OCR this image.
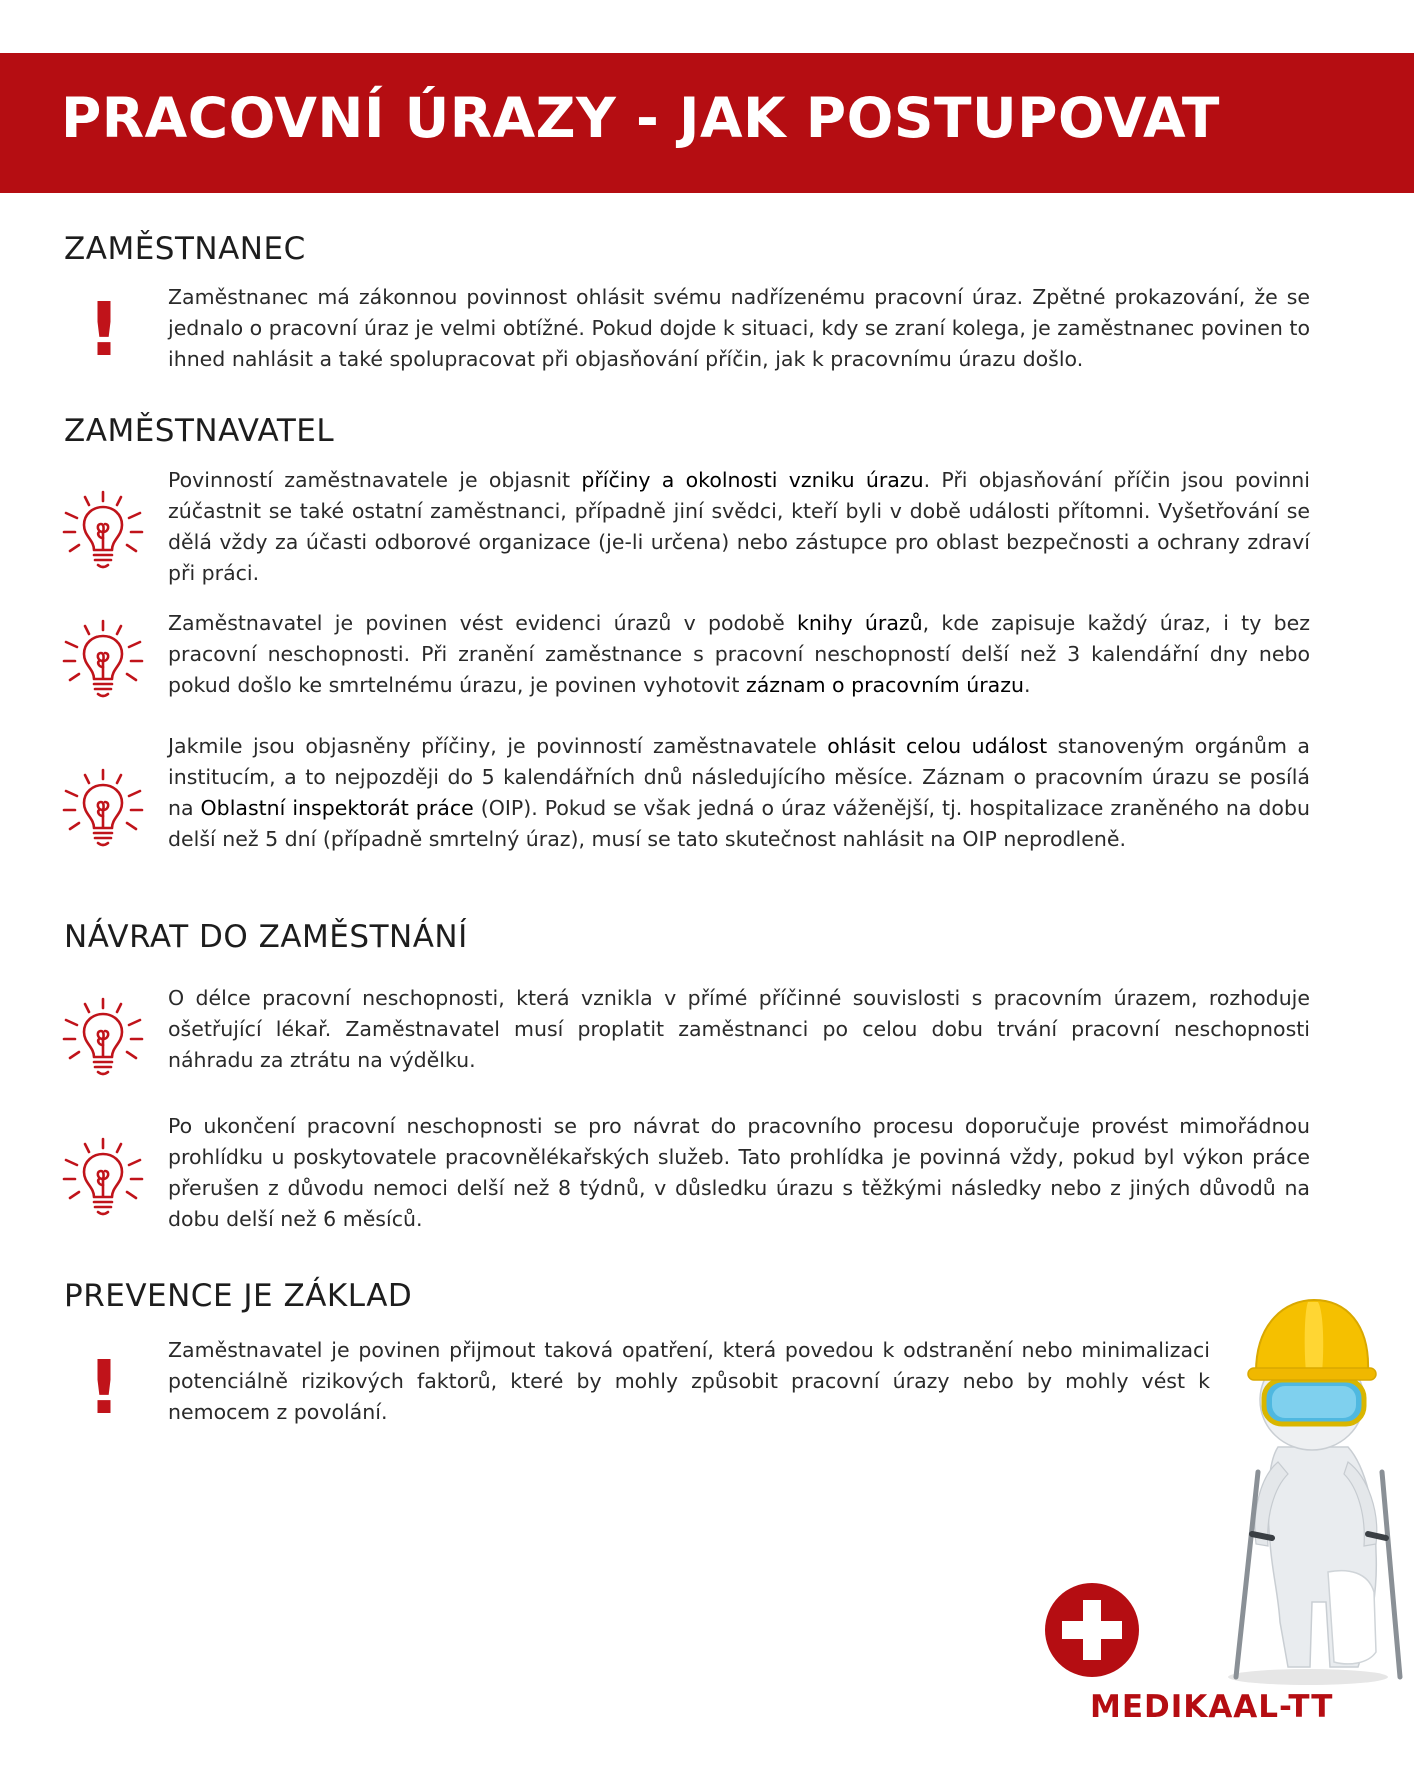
PRACOVNÍ ÚRAZY - JAK POSTUPOVAT
ZAMĚSTNANEC
! Zaměstnanec má zákonnou povinnost ohlásit svému nadřízenému pracovní úraz. Zpětné prokazování, že se jednalo o pracovní úraz je velmi obtížné. Pokud dojde k situaci, kdy se zraní kolega, je zaměstnanec povinen to ihned nahlásit a také spolupracovat při objasňování příčin, jak k pracovnímu úrazu došlo.

ZAMĚSTNAVATEL

Povinností zaměstnavatele je objasnit příčiny a okolnosti vzniku úrazu. Při objasňování příčin jsou povinni zúčastnit se také ostatní zaměstnanci, případně jiní svědci, kteří byli v době události přítomni. Vyšetřování se dělá vždy za účasti odborové organizace (je-li určena) nebo zástupce pro oblast bezpečnosti a ochrany zdraví při práci.

Zaměstnavatel je povinen vést evidenci úrazů v podobě knihy úrazů, kde zapisuje každý úraz, i ty bez pracovní neschopnosti. Při zranění zaměstnance s pracovní neschopností delší než 3 kalendářní dny nebo pokud došlo ke smrtelnému úrazu, je povinen vyhotovit záznam o pracovním úrazu.

Jakmile jsou objasněny příčiny, je povinností zaměstnavatele ohlásit celou událost stanoveným orgánům a institucím, a to nejpozději do 5 kalendářních dnů následujícího měsíce. Záznam o pracovním úrazu se posílá na Oblastní inspektorát práce (OIP). Pokud se však jedná o úraz váženější, tj. hospitalizace zraněného na dobu delší než 5 dní (případně smrtelný úraz), musí se tato skutečnost nahlásit na OIP neprodleně.

NÁVRAT DO ZAMĚSTNÁNÍ

O délce pracovní neschopnosti, která vznikla v přímé příčinné souvislosti s pracovním úrazem, rozhoduje ošetřující lékař. Zaměstnavatel musí proplatit zaměstnanci po celou dobu trvání pracovní neschopnosti náhradu za ztrátu na výdělku.

Po ukončení pracovní neschopnosti se pro návrat do pracovního procesu doporučuje provést mimořádnou prohlídku u poskytovatele pracovnělékařských služeb. Tato prohlídka je povinná vždy, pokud byl výkon práce přerušen z důvodu nemoci delší než 8 týdnů, v důsledku úrazu s těžkými následky nebo z jiných důvodů na dobu delší než 6 měsíců.

PREVENCE JE ZÁKLAD
! Zaměstnavatel je povinen přijmout taková opatření, která povedou k odstranění nebo minimalizaci potenciálně rizikových faktorů, které by mohly způsobit pracovní úrazy nebo by mohly vést k nemocem z povolání.

MEDIKAAL-TT
